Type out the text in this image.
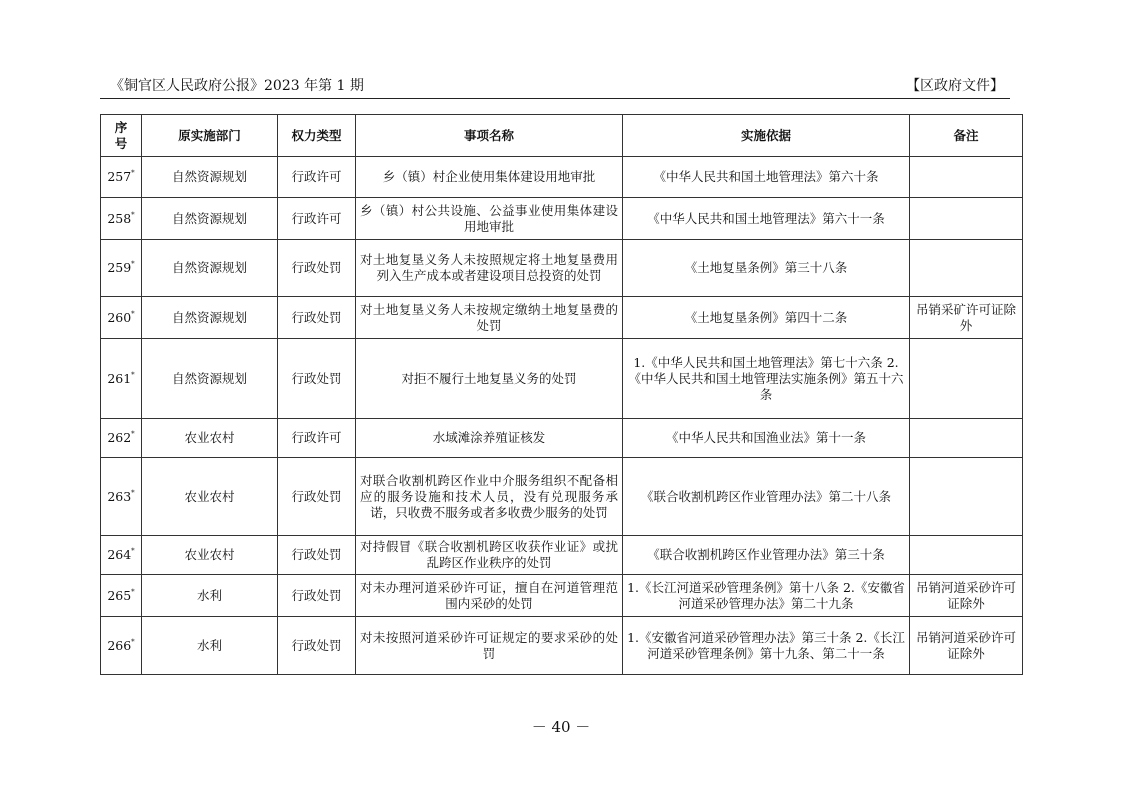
《铜官区人民政府公报》2023 年第 1 期	【区政府文件】
序号	原实施部门	权力类型	事项名称	实施依据	备注
257*	自然资源规划	行政许可	乡（镇）村企业使用集体建设用地审批	《中华人民共和国土地管理法》第六十条	
258*	自然资源规划	行政许可	乡（镇）村公共设施、公益事业使用集体建设用地审批	《中华人民共和国土地管理法》第六十一条	
259*	自然资源规划	行政处罚	对土地复垦义务人未按照规定将土地复垦费用列入生产成本或者建设项目总投资的处罚	《土地复垦条例》第三十八条	
260*	自然资源规划	行政处罚	对土地复垦义务人未按规定缴纳土地复垦费的处罚	《土地复垦条例》第四十二条	吊销采矿许可证除外
261*	自然资源规划	行政处罚	对拒不履行土地复垦义务的处罚	1.《中华人民共和国土地管理法》第七十六条 2.《中华人民共和国土地管理法实施条例》第五十六条	
262*	农业农村	行政许可	水域滩涂养殖证核发	《中华人民共和国渔业法》第十一条	
263*	农业农村	行政处罚	对联合收割机跨区作业中介服务组织不配备相应的服务设施和技术人员，没有兑现服务承诺，只收费不服务或者多收费少服务的处罚	《联合收割机跨区作业管理办法》第二十八条	
264*	农业农村	行政处罚	对持假冒《联合收割机跨区收获作业证》或扰乱跨区作业秩序的处罚	《联合收割机跨区作业管理办法》第三十条	
265*	水利	行政处罚	对未办理河道采砂许可证，擅自在河道管理范围内采砂的处罚	1.《长江河道采砂管理条例》第十八条 2.《安徽省河道采砂管理办法》第二十九条	吊销河道采砂许可证除外
266*	水利	行政处罚	对未按照河道采砂许可证规定的要求采砂的处罚	1.《安徽省河道采砂管理办法》第三十条 2.《长江河道采砂管理条例》第十九条、第二十一条	吊销河道采砂许可证除外
－ 40 －
